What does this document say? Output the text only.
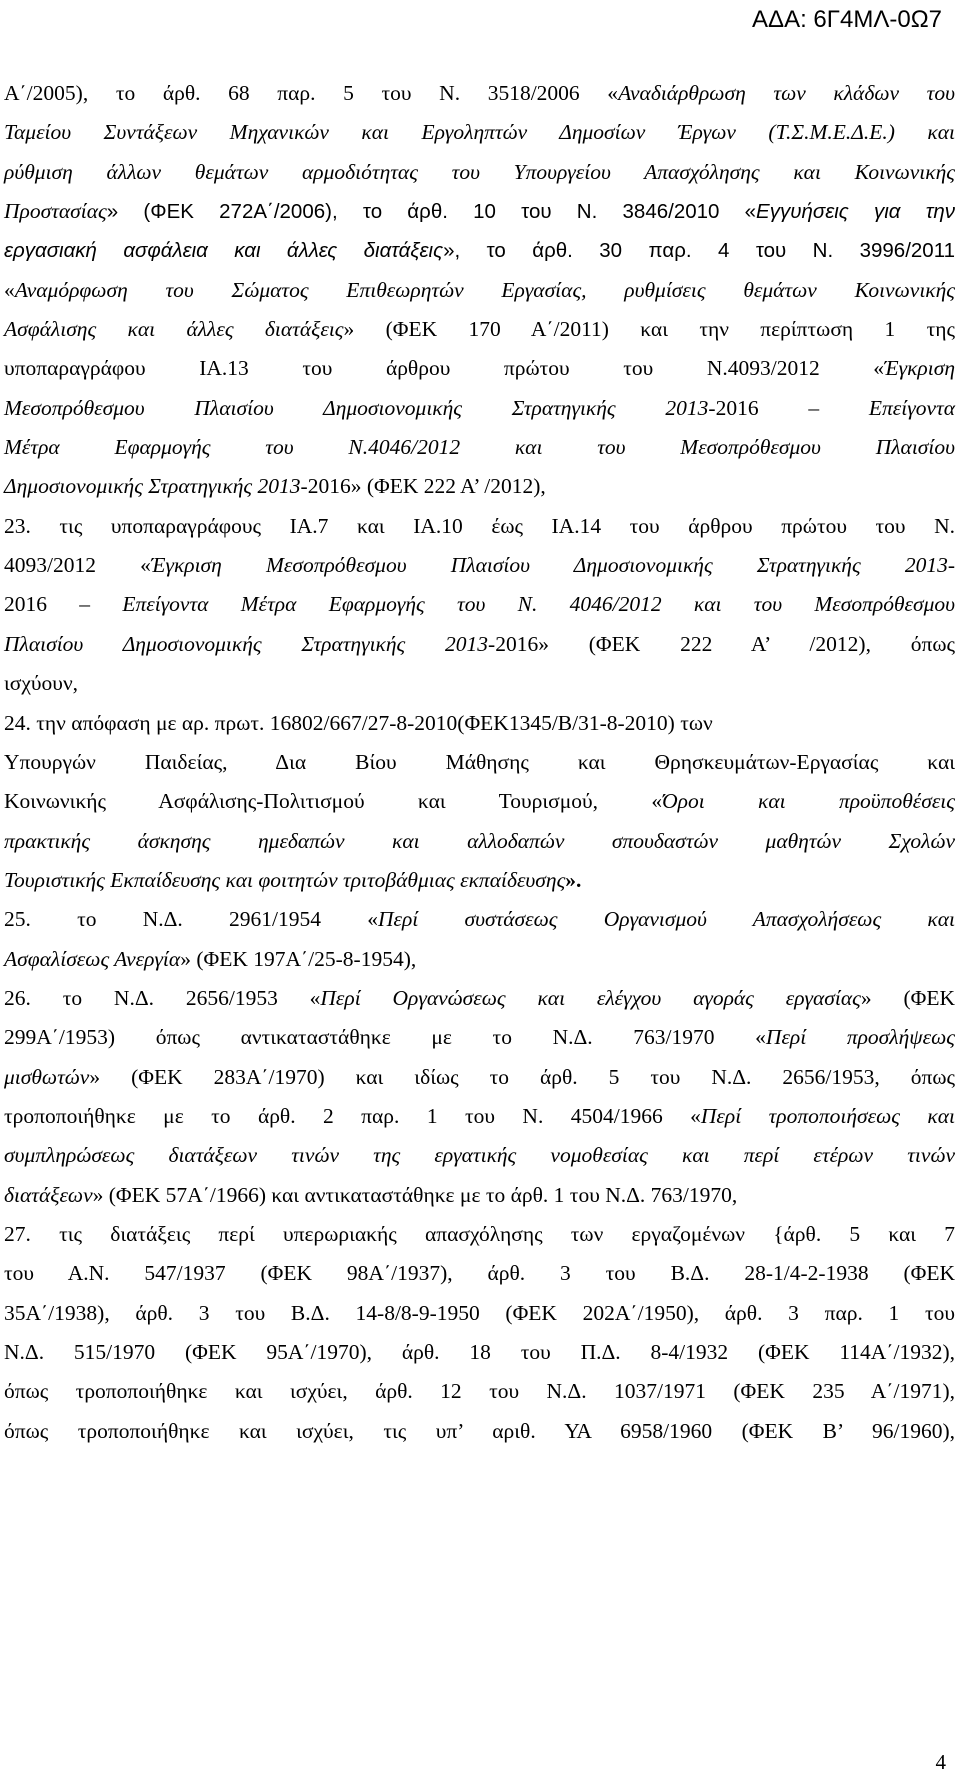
ΑΔΑ: 6Γ4ΜΛ-0Ω7
Α΄/2005), το άρθ. 68 παρ. 5 του Ν. 3518/2006 «Αναδιάρθρωση των κλάδων του
Ταμείου Συντάξεων Μηχανικών και Εργοληπτών Δημοσίων Έργων (Τ.Σ.Μ.Ε.Δ.Ε.) και
ρύθμιση άλλων θεμάτων αρμοδιότητας του Υπουργείου Απασχόλησης και Κοινωνικής
Προστασίας» (ΦΕΚ 272Α΄/2006), το άρθ. 10 του Ν. 3846/2010 «Εγγυήσεις για την
εργασιακή ασφάλεια και άλλες διατάξεις», το άρθ. 30 παρ. 4 του Ν. 3996/2011
«Αναμόρφωση του Σώματος Επιθεωρητών Εργασίας, ρυθμίσεις θεμάτων Κοινωνικής
Ασφάλισης και άλλες διατάξεις» (ΦΕΚ 170 Α΄/2011) και την περίπτωση 1 της
υποπαραγράφου ΙΑ.13 του άρθρου πρώτου του Ν.4093/2012 «Έγκριση
Μεσοπρόθεσμου Πλαισίου Δημοσιονομικής Στρατηγικής 2013-2016 – Επείγοντα
Μέτρα Εφαρμογής του Ν.4046/2012 και του Μεσοπρόθεσμου Πλαισίου
Δημοσιονομικής Στρατηγικής 2013-2016» (ΦΕΚ 222 Α’ /2012),
23. τις υποπαραγράφους ΙΑ.7 και ΙΑ.10 έως ΙΑ.14 του άρθρου πρώτου του Ν.
4093/2012 «Έγκριση Μεσοπρόθεσμου Πλαισίου Δημοσιονομικής Στρατηγικής 2013-
2016 – Επείγοντα Μέτρα Εφαρμογής του Ν. 4046/2012 και του Μεσοπρόθεσμου
Πλαισίου Δημοσιονομικής Στρατηγικής 2013-2016» (ΦΕΚ 222 Α’ /2012), όπως
ισχύουν,
24. την απόφαση με αρ. πρωτ. 16802/667/27-8-2010(ΦΕΚ1345/Β/31-8-2010) των
Υπουργών Παιδείας, Δια Βίου Μάθησης και Θρησκευμάτων-Εργασίας και
Κοινωνικής Ασφάλισης-Πολιτισμού και Τουρισμού, «Όροι και προϋποθέσεις
πρακτικής άσκησης ημεδαπών και αλλοδαπών σπουδαστών μαθητών Σχολών
Τουριστικής Εκπαίδευσης και φοιτητών τριτοβάθμιας εκπαίδευσης».
25. το Ν.Δ. 2961/1954 «Περί συστάσεως Οργανισμού Απασχολήσεως και
Ασφαλίσεως Ανεργία» (ΦΕΚ 197Α΄/25-8-1954),
26. το Ν.Δ. 2656/1953 «Περί Οργανώσεως και ελέγχου αγοράς εργασίας» (ΦΕΚ
299Α΄/1953) όπως αντικαταστάθηκε με το Ν.Δ. 763/1970 «Περί προσλήψεως
μισθωτών» (ΦΕΚ 283Α΄/1970) και ιδίως το άρθ. 5 του Ν.Δ. 2656/1953, όπως
τροποποιήθηκε με το άρθ. 2 παρ. 1 του Ν. 4504/1966 «Περί τροποποιήσεως και
συμπληρώσεως διατάξεων τινών της εργατικής νομοθεσίας και περί ετέρων τινών
διατάξεων» (ΦΕΚ 57Α΄/1966) και αντικαταστάθηκε με το άρθ. 1 του Ν.Δ. 763/1970,
27. τις διατάξεις περί υπερωριακής απασχόλησης των εργαζομένων {άρθ. 5 και 7
του Α.Ν. 547/1937 (ΦΕΚ 98Α΄/1937), άρθ. 3 του Β.Δ. 28-1/4-2-1938 (ΦΕΚ
35Α΄/1938), άρθ. 3 του Β.Δ. 14-8/8-9-1950 (ΦΕΚ 202Α΄/1950), άρθ. 3 παρ. 1 του
Ν.Δ. 515/1970 (ΦΕΚ 95Α΄/1970), άρθ. 18 του Π.Δ. 8-4/1932 (ΦΕΚ 114Α΄/1932),
όπως τροποποιήθηκε και ισχύει, άρθ. 12 του Ν.Δ. 1037/1971 (ΦΕΚ 235 Α΄/1971),
όπως τροποποιήθηκε και ισχύει, τις υπ’ αριθ. ΥΑ 6958/1960 (ΦΕΚ Β’ 96/1960),
4
